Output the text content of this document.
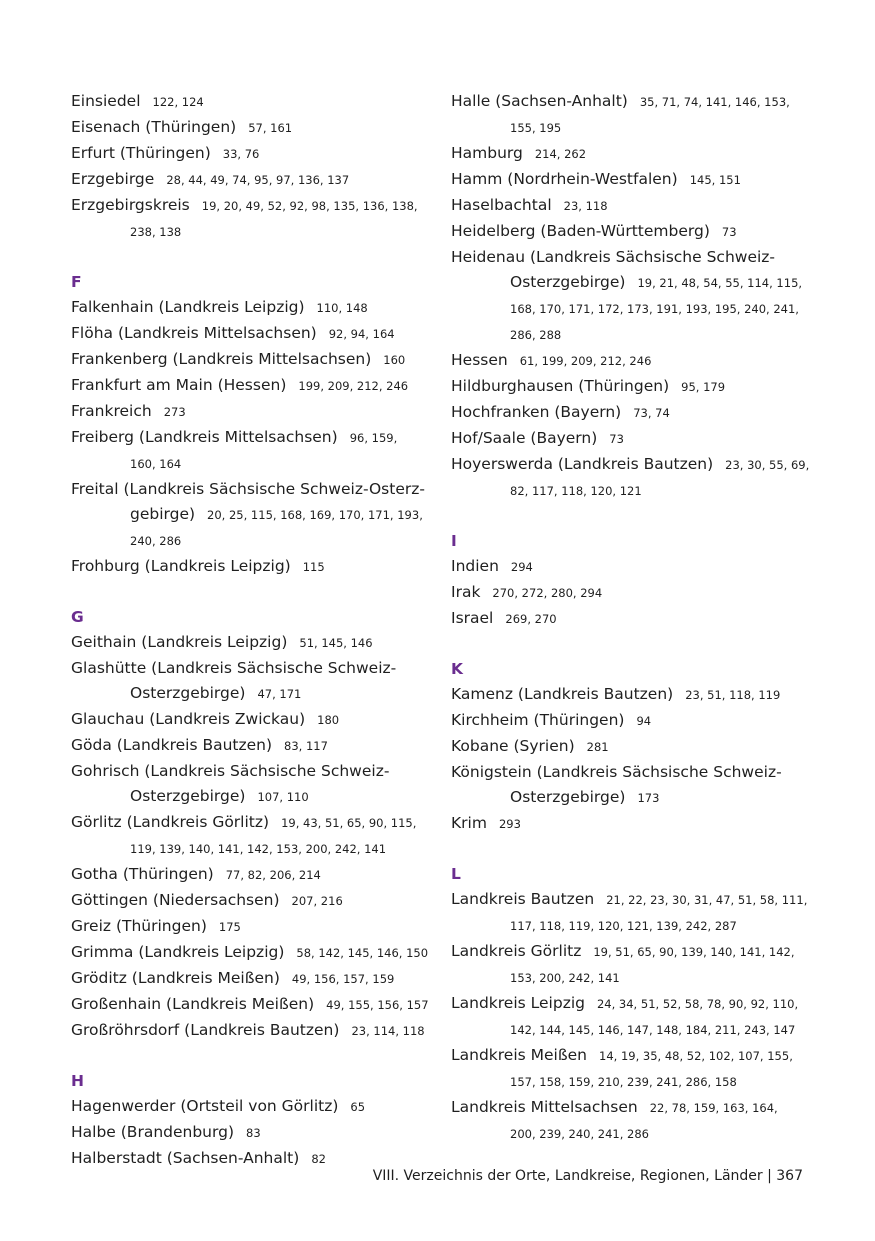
Einsiedel 122, 124
Eisenach (Thüringen) 57, 161
Erfurt (Thüringen) 33, 76
Erzgebirge 28, 44, 49, 74, 95, 97, 136, 137
Erzgebirgskreis 19, 20, 49, 52, 92, 98, 135, 136, 138,
238, 138
F
Falkenhain (Landkreis Leipzig) 110, 148
Flöha (Landkreis Mittelsachsen) 92, 94, 164
Frankenberg (Landkreis Mittelsachsen) 160
Frankfurt am Main (Hessen) 199, 209, 212, 246
Frankreich 273
Freiberg (Landkreis Mittelsachsen) 96, 159,
160, 164
Freital (Landkreis Sächsische Schweiz-Osterz-
gebirge) 20, 25, 115, 168, 169, 170, 171, 193,
240, 286
Frohburg (Landkreis Leipzig) 115
G
Geithain (Landkreis Leipzig) 51, 145, 146
Glashütte (Landkreis Sächsische Schweiz-
Osterzgebirge) 47, 171
Glauchau (Landkreis Zwickau) 180
Göda (Landkreis Bautzen) 83, 117
Gohrisch (Landkreis Sächsische Schweiz-
Osterzgebirge) 107, 110
Görlitz (Landkreis Görlitz) 19, 43, 51, 65, 90, 115,
119, 139, 140, 141, 142, 153, 200, 242, 141
Gotha (Thüringen) 77, 82, 206, 214
Göttingen (Niedersachsen) 207, 216
Greiz (Thüringen) 175
Grimma (Landkreis Leipzig) 58, 142, 145, 146, 150
Gröditz (Landkreis Meißen) 49, 156, 157, 159
Großenhain (Landkreis Meißen) 49, 155, 156, 157
Großröhrsdorf (Landkreis Bautzen) 23, 114, 118
H
Hagenwerder (Ortsteil von Görlitz) 65
Halbe (Brandenburg) 83
Halberstadt (Sachsen-Anhalt) 82
Halle (Sachsen-Anhalt) 35, 71, 74, 141, 146, 153,
155, 195
Hamburg 214, 262
Hamm (Nordrhein-Westfalen) 145, 151
Haselbachtal 23, 118
Heidelberg (Baden-Württemberg) 73
Heidenau (Landkreis Sächsische Schweiz-
Osterzgebirge) 19, 21, 48, 54, 55, 114, 115,
168, 170, 171, 172, 173, 191, 193, 195, 240, 241,
286, 288
Hessen 61, 199, 209, 212, 246
Hildburghausen (Thüringen) 95, 179
Hochfranken (Bayern) 73, 74
Hof/Saale (Bayern) 73
Hoyerswerda (Landkreis Bautzen) 23, 30, 55, 69,
82, 117, 118, 120, 121
I
Indien 294
Irak 270, 272, 280, 294
Israel 269, 270
K
Kamenz (Landkreis Bautzen) 23, 51, 118, 119
Kirchheim (Thüringen) 94
Kobane (Syrien) 281
Königstein (Landkreis Sächsische Schweiz-
Osterzgebirge) 173
Krim 293
L
Landkreis Bautzen 21, 22, 23, 30, 31, 47, 51, 58, 111,
117, 118, 119, 120, 121, 139, 242, 287
Landkreis Görlitz 19, 51, 65, 90, 139, 140, 141, 142,
153, 200, 242, 141
Landkreis Leipzig 24, 34, 51, 52, 58, 78, 90, 92, 110,
142, 144, 145, 146, 147, 148, 184, 211, 243, 147
Landkreis Meißen 14, 19, 35, 48, 52, 102, 107, 155,
157, 158, 159, 210, 239, 241, 286, 158
Landkreis Mittelsachsen 22, 78, 159, 163, 164,
200, 239, 240, 241, 286
VIII. Verzeichnis der Orte, Landkreise, Regionen, Länder | 367
